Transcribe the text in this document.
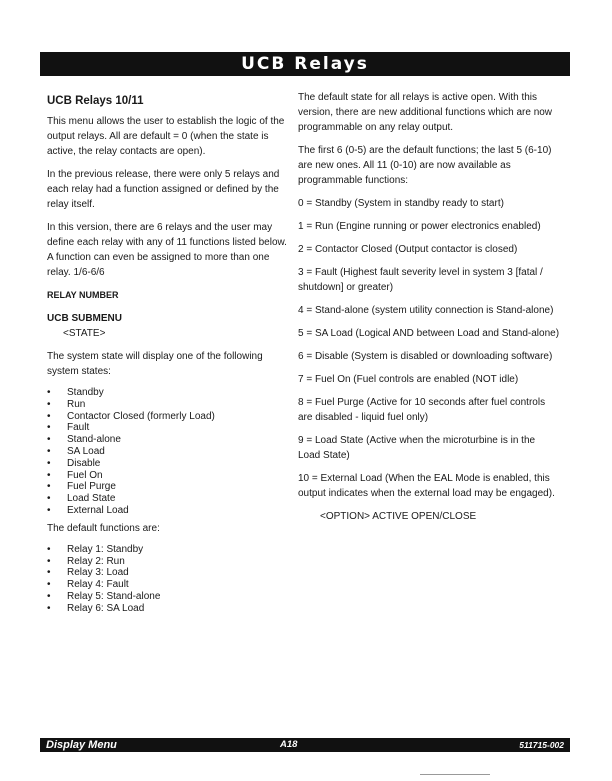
UCB Relays
UCB Relays 10/11

This menu allows the user to establish the logic of the output relays. All are default = 0 (when the state is active, the relay contacts are open).

In the previous release, there were only 5 relays and each relay had a function assigned or defined by the relay itself.

In this version, there are 6 relays and the user may define each relay with any of 11 functions listed below. A function can even be assigned to more than one relay. 1/6-6/6

RELAY NUMBER
UCB SUBMENU
<STATE>

The system state will display one of the following system states:

• Standby
• Run
• Contactor Closed (formerly Load)
• Fault
• Stand-alone
• SA Load
• Disable
• Fuel On
• Fuel Purge
• Load State
• External Load

The default functions are:

• Relay 1: Standby
• Relay 2: Run
• Relay 3: Load
• Relay 4: Fault
• Relay 5: Stand-alone
• Relay 6: SA Load

The default state for all relays is active open. With this version, there are new additional functions which are now programmable on any relay output.

The first 6 (0-5) are the default functions; the last 5 (6-10) are new ones. All 11 (0-10) are now available as programmable functions:

0 = Standby (System in standby ready to start)

1 = Run (Engine running or power electronics enabled)

2 = Contactor Closed (Output contactor is closed)

3 = Fault (Highest fault severity level in system 3 [fatal / shutdown] or greater)

4 = Stand-alone (system utility connection is Stand-alone)

5 = SA Load (Logical AND between Load and Stand-alone)

6 = Disable (System is disabled or downloading software)

7 = Fuel On (Fuel controls are enabled (NOT idle)

8 = Fuel Purge (Active for 10 seconds after fuel controls are disabled - liquid fuel only)

9 = Load State (Active when the microturbine is in the Load State)

10 = External Load (When the EAL Mode is enabled, this output indicates when the external load may be engaged).

<OPTION> ACTIVE OPEN/CLOSE
Display Menu	A18	511715-002
